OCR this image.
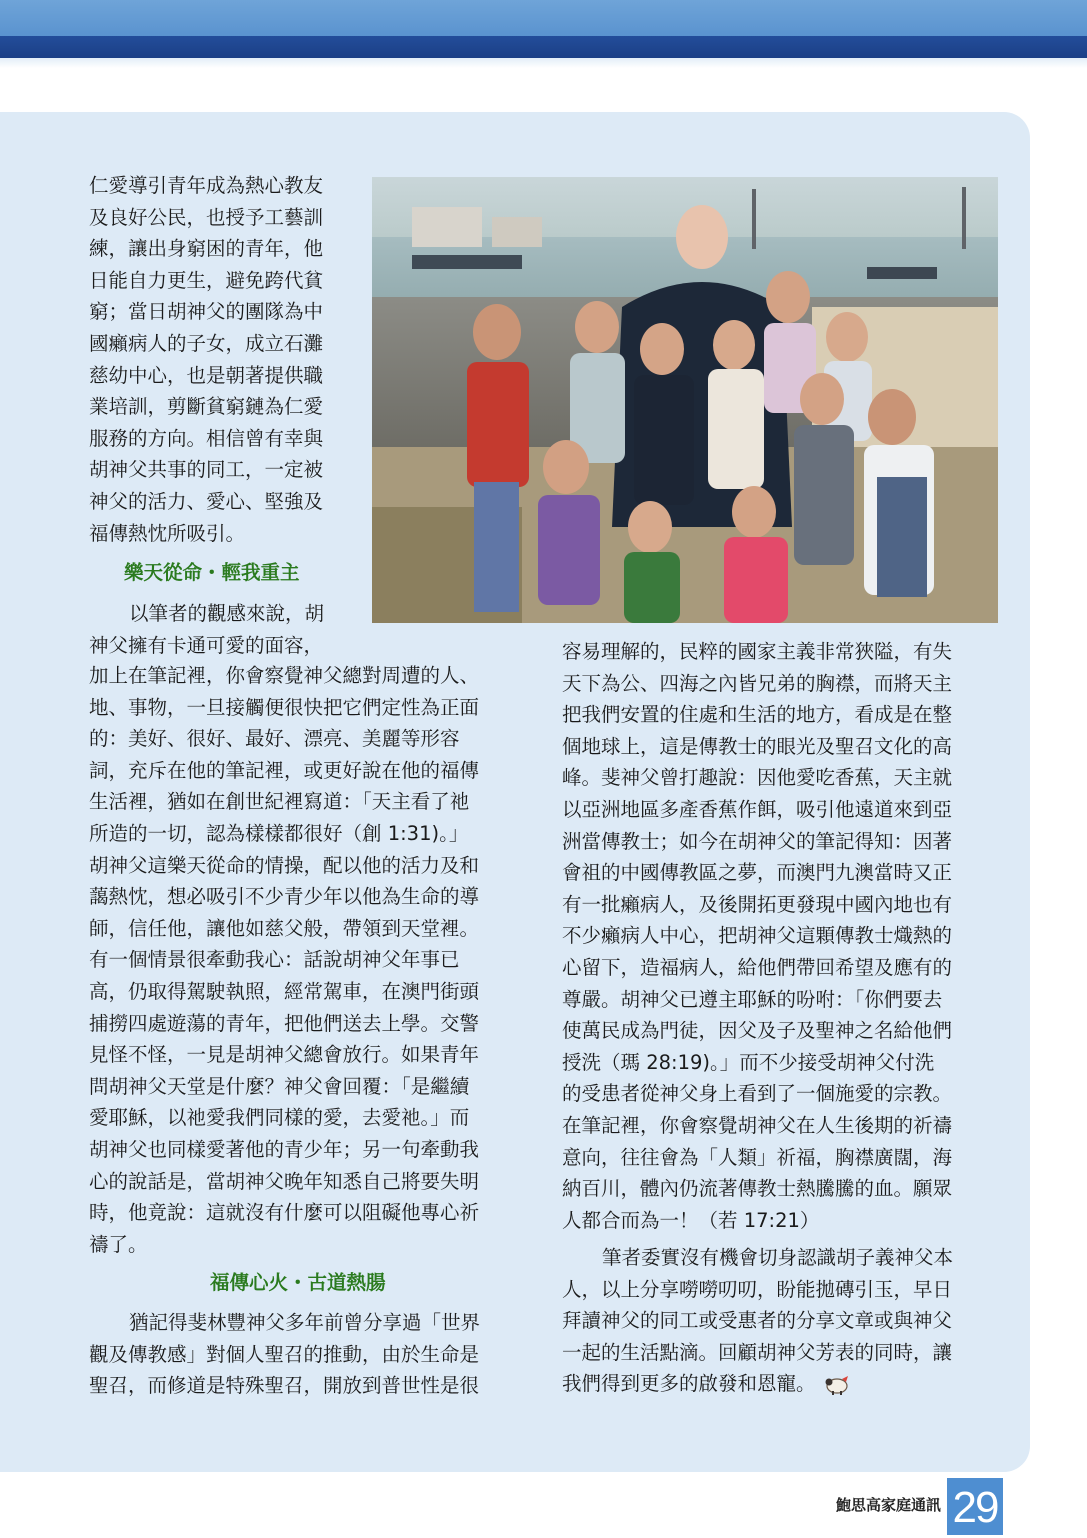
仁愛導引青年成為熱心教友
及良好公民，也授予工藝訓
練，讓出身窮困的青年，他
日能自力更生，避免跨代貧
窮；當日胡神父的團隊為中
國癩病人的子女，成立石灘
慈幼中心，也是朝著提供職
業培訓，剪斷貧窮鏈為仁愛
服務的方向。相信曾有幸與
胡神父共事的同工，一定被
神父的活力、愛心、堅強及
福傳熱忱所吸引。
樂天從命・輕我重主
以筆者的觀感來說，胡
神父擁有卡通可愛的面容，
加上在筆記裡，你會察覺神父總對周遭的人、
地、事物，一旦接觸便很快把它們定性為正面
的：美好、很好、最好、漂亮、美麗等形容
詞，充斥在他的筆記裡，或更好說在他的福傳
生活裡，猶如在創世紀裡寫道：「天主看了祂
所造的一切，認為樣樣都很好（創 1:31)。」
胡神父這樂天從命的情操，配以他的活力及和
藹熱忱，想必吸引不少青少年以他為生命的導
師，信任他，讓他如慈父般，帶領到天堂裡。
有一個情景很牽動我心：話說胡神父年事已
高，仍取得駕駛執照，經常駕車，在澳門街頭
捕撈四處遊蕩的青年，把他們送去上學。交警
見怪不怪，一見是胡神父總會放行。如果青年
問胡神父天堂是什麼？神父會回覆：「是繼續
愛耶穌，以祂愛我們同樣的愛，去愛祂。」而
胡神父也同樣愛著他的青少年；另一句牽動我
心的說話是，當胡神父晚年知悉自己將要失明
時，他竟說：這就沒有什麼可以阻礙他專心祈
禱了。
福傳心火・古道熱腸
猶記得斐林豐神父多年前曾分享過「世界
觀及傳教感」對個人聖召的推動，由於生命是
聖召，而修道是特殊聖召，開放到普世性是很
容易理解的，民粹的國家主義非常狹隘，有失
天下為公、四海之內皆兄弟的胸襟，而將天主
把我們安置的住處和生活的地方，看成是在整
個地球上，這是傳教士的眼光及聖召文化的高
峰。斐神父曾打趣說：因他愛吃香蕉，天主就
以亞洲地區多產香蕉作餌，吸引他遠道來到亞
洲當傳教士；如今在胡神父的筆記得知：因著
會祖的中國傳教區之夢，而澳門九澳當時又正
有一批癩病人，及後開拓更發現中國內地也有
不少癩病人中心，把胡神父這顆傳教士熾熱的
心留下，造福病人，給他們帶回希望及應有的
尊嚴。胡神父已遵主耶穌的吩咐：「你們要去
使萬民成為門徒，因父及子及聖神之名給他們
授洗（瑪 28:19)。」而不少接受胡神父付洗
的受患者從神父身上看到了一個施愛的宗教。
在筆記裡，你會察覺胡神父在人生後期的祈禱
意向，往往會為「人類」祈福，胸襟廣闊，海
納百川，體內仍流著傳教士熱騰騰的血。願眾
人都合而為一！（若 17:21）
筆者委實沒有機會切身認識胡子義神父本
人，以上分享嘮嘮叨叨，盼能拋磚引玉，早日
拜讀神父的同工或受惠者的分享文章或與神父
一起的生活點滴。回顧胡神父芳表的同時，讓
我們得到更多的啟發和恩寵。
鮑思高家庭通訊 29
